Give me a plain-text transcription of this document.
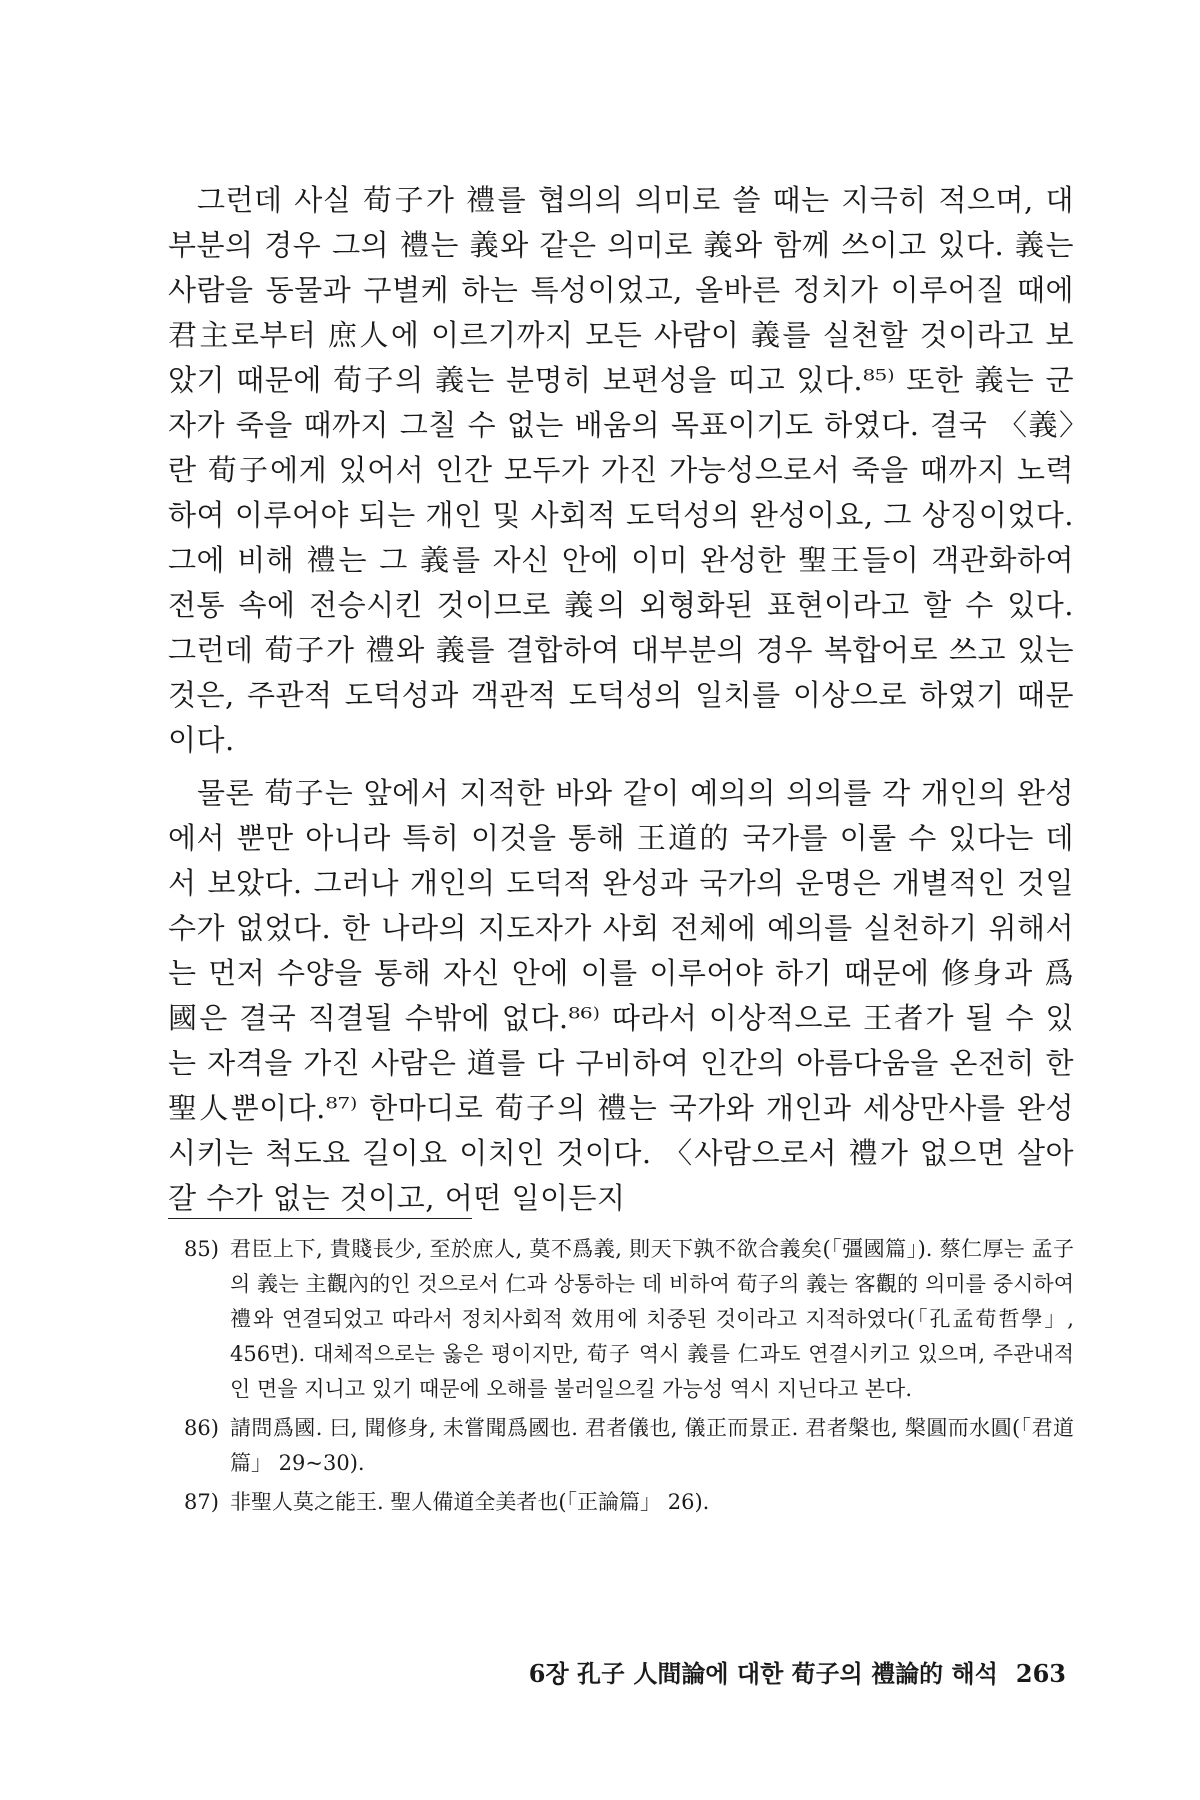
그런데 사실 荀子가 禮를 협의의 의미로 쓸 때는 지극히 적으며, 대부분의 경우 그의 禮는 義와 같은 의미로 義와 함께 쓰이고 있다. 義는 사람을 동물과 구별케 하는 특성이었고, 올바른 정치가 이루어질 때에 君主로부터 庶人에 이르기까지 모든 사람이 義를 실천할 것이라고 보았기 때문에 荀子의 義는 분명히 보편성을 띠고 있다.⁸⁵⁾ 또한 義는 군자가 죽을 때까지 그칠 수 없는 배움의 목표이기도 하였다. 결국 〈義〉란 荀子에게 있어서 인간 모두가 가진 가능성으로서 죽을 때까지 노력하여 이루어야 되는 개인 및 사회적 도덕성의 완성이요, 그 상징이었다. 그에 비해 禮는 그 義를 자신 안에 이미 완성한 聖王들이 객관화하여 전통 속에 전승시킨 것이므로 義의 외형화된 표현이라고 할 수 있다. 그런데 荀子가 禮와 義를 결합하여 대부분의 경우 복합어로 쓰고 있는 것은, 주관적 도덕성과 객관적 도덕성의 일치를 이상으로 하였기 때문이다.

물론 荀子는 앞에서 지적한 바와 같이 예의의 의의를 각 개인의 완성에서 뿐만 아니라 특히 이것을 통해 王道的 국가를 이룰 수 있다는 데서 보았다. 그러나 개인의 도덕적 완성과 국가의 운명은 개별적인 것일 수가 없었다. 한 나라의 지도자가 사회 전체에 예의를 실천하기 위해서는 먼저 수양을 통해 자신 안에 이를 이루어야 하기 때문에 修身과 爲國은 결국 직결될 수밖에 없다.⁸⁶⁾ 따라서 이상적으로 王者가 될 수 있는 자격을 가진 사람은 道를 다 구비하여 인간의 아름다움을 온전히 한 聖人뿐이다.⁸⁷⁾ 한마디로 荀子의 禮는 국가와 개인과 세상만사를 완성시키는 척도요 길이요 이치인 것이다. 〈사람으로서 禮가 없으면 살아갈 수가 없는 것이고, 어떤 일이든지

85) 君臣上下, 貴賤長少, 至於庶人, 莫不爲義, 則天下孰不欲合義矣(「彊國篇」). 蔡仁厚는 孟子의 義는 主觀內的인 것으로서 仁과 상통하는 데 비하여 荀子의 義는 客觀的 의미를 중시하여 禮와 연결되었고 따라서 정치사회적 效用에 치중된 것이라고 지적하였다(「孔孟荀哲學」, 456면). 대체적으로는 옳은 평이지만, 荀子 역시 義를 仁과도 연결시키고 있으며, 주관내적인 면을 지니고 있기 때문에 오해를 불러일으킬 가능성 역시 지닌다고 본다.
86) 請問爲國. 曰, 聞修身, 未嘗聞爲國也. 君者儀也, 儀正而景正. 君者槃也, 槃圓而水圓(「君道篇」 29~30).
87) 非聖人莫之能王. 聖人備道全美者也(「正論篇」 26).
6장 孔子 人間論에 대한 荀子의 禮論的 해석 263
